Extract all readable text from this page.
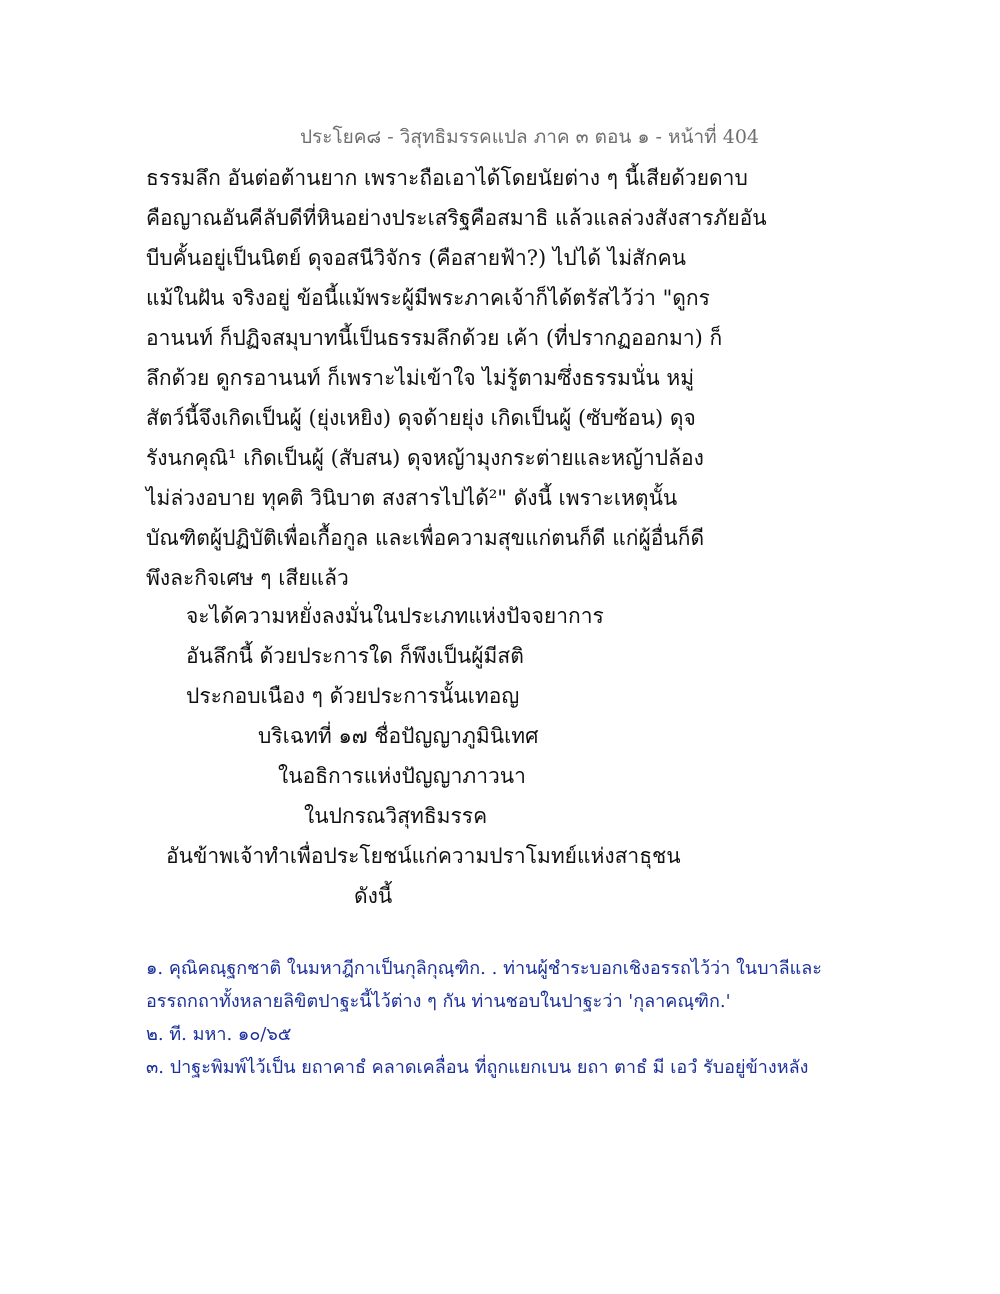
ประโยค๘ - วิสุทธิมรรคแปล ภาค ๓ ตอน ๑ - หน้าที่ 404
ธรรมลึก อันต่อต้านยาก เพราะถือเอาได้โดยนัยต่าง ๆ นี้เสียด้วยดาบ
คือญาณอันคีลับดีที่หินอย่างประเสริฐคือสมาธิ แล้วแลล่วงสังสารภัยอัน
บีบคั้นอยู่เป็นนิตย์ ดุจอสนีวิจักร (คือสายฟ้า?) ไปได้ ไม่สักคน
แม้ในฝัน จริงอยู่ ข้อนี้แม้พระผู้มีพระภาคเจ้าก็ได้ตรัสไว้ว่า "ดูกร
อานนท์ ก็ปฏิจสมุบาทนี้เป็นธรรมลึกด้วย เค้า (ที่ปรากฏออกมา) ก็
ลึกด้วย ดูกรอานนท์ ก็เพราะไม่เข้าใจ ไม่รู้ตามซึ่งธรรมนั่น หมู่
สัตว์นี้จึงเกิดเป็นผู้ (ยุ่งเหยิง) ดุจด้ายยุ่ง เกิดเป็นผู้ (ซับซ้อน) ดุจ
รังนกคุณิ¹ เกิดเป็นผู้ (สับสน) ดุจหญ้ามุงกระต่ายและหญ้าปล้อง
ไม่ล่วงอบาย ทุคติ วินิบาต สงสารไปได้²" ดังนี้ เพราะเหตุนั้น
บัณฑิตผู้ปฏิบัติเพื่อเกื้อกูล และเพื่อความสุขแก่ตนก็ดี แก่ผู้อื่นก็ดี
พึงละกิจเศษ ๆ เสียแล้ว
จะได้ความหยั่งลงมั่นในประเภทแห่งปัจจยาการ
อันลึกนี้ ด้วยประการใด ก็พึงเป็นผู้มีสติ
ประกอบเนือง ๆ ด้วยประการนั้นเทอญ
บริเฉทที่ ๑๗ ชื่อปัญญาภูมินิเทศ
ในอธิการแห่งปัญญาภาวนา
ในปกรณวิสุทธิมรรค
อันข้าพเจ้าทำเพื่อประโยชน์แก่ความปราโมทย์แห่งสาธุชน
ดังนี้
๑. คุณิคณฺฐกชาติ ในมหาฎีกาเป็นกุลิกุณฺฑิก. . ท่านผู้ชำระบอกเชิงอรรถไว้ว่า ในบาลีและ
อรรถกถาทั้งหลายลิขิตปาฐะนี้ไว้ต่าง ๆ กัน ท่านชอบในปาฐะว่า 'กุลาคณฺฑิก.'
๒. ที. มหา. ๑๐/๖๕
๓. ปาฐะพิมพ์ไว้เป็น ยถาคาธํ คลาดเคลื่อน ที่ถูกแยกเบน ยถา ตาธํ มี เอวํ รับอยู่ข้างหลัง
